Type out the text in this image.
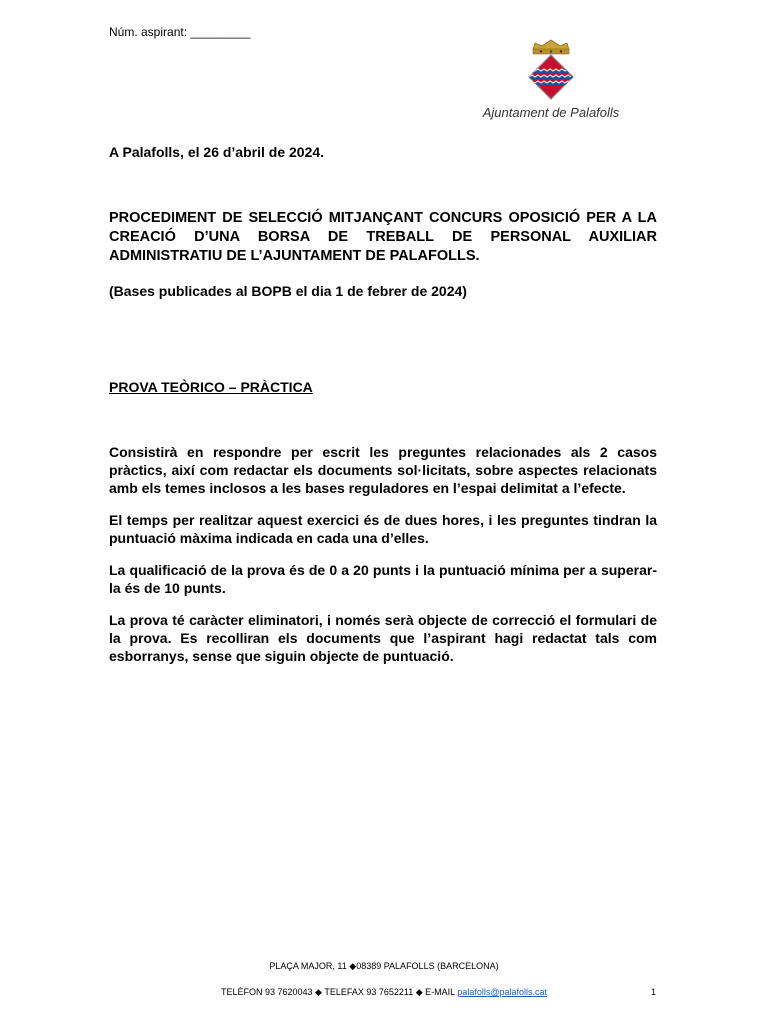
Núm. aspirant: _________
Ajuntament de Palafolls
A Palafolls, el 26 d’abril de 2024.
PROCEDIMENT DE SELECCIÓ MITJANÇANT CONCURS OPOSICIÓ PER A LA CREACIÓ D’UNA BORSA DE TREBALL DE PERSONAL AUXILIAR ADMINISTRATIU DE L’AJUNTAMENT DE PALAFOLLS.
(Bases publicades al BOPB el dia 1 de febrer de 2024)
PROVA TEÒRICO – PRÀCTICA
Consistirà en respondre per escrit les preguntes relacionades als 2 casos pràctics, així com redactar els documents sol·licitats, sobre aspectes relacionats amb els temes inclosos a les bases reguladores en l’espai delimitat a l’efecte.
El temps per realitzar aquest exercici és de dues hores, i les preguntes tindran la puntuació màxima indicada en cada una d’elles.
La qualificació de la prova és de 0 a 20 punts i la puntuació mínima per a superar-la és de 10 punts.
La prova té caràcter eliminatori, i només serà objecte de correcció el formulari de la prova. Es recolliran els documents que l’aspirant hagi redactat tals com esborranys, sense que siguin objecte de puntuació.
PLAÇA MAJOR, 11 ◆08389 PALAFOLLS (BARCELONA)
TELÈFON 93 7620043 ◆ TELEFAX 93 7652211 ◆ E-MAIL palafolls@palafolls.cat	1
